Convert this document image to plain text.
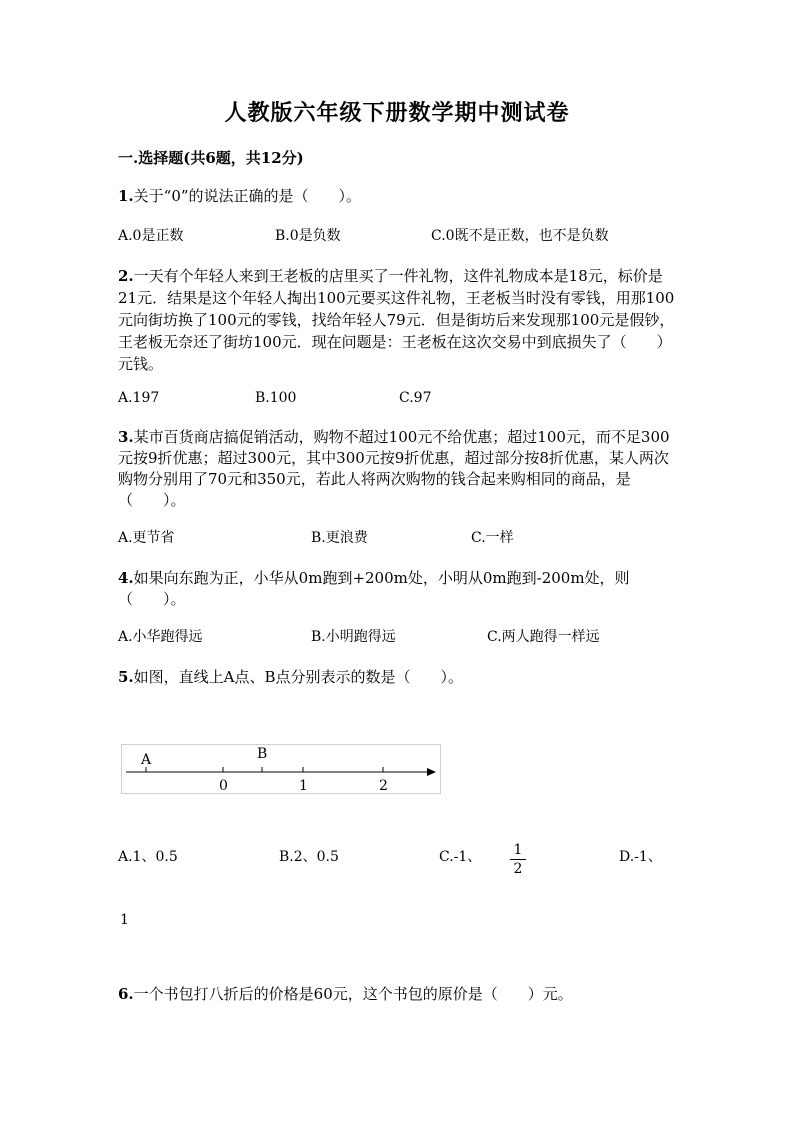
人教版六年级下册数学期中测试卷
一.选择题(共6题，共12分)
1.关于“0”的说法正确的是（　　）。
A.0是正数	B.0是负数	C.0既不是正数，也不是负数
2.一天有个年轻人来到王老板的店里买了一件礼物，这件礼物成本是18元，标价是21元．结果是这个年轻人掏出100元要买这件礼物，王老板当时没有零钱，用那100元向街坊换了100元的零钱，找给年轻人79元．但是街坊后来发现那100元是假钞，王老板无奈还了街坊100元．现在问题是：王老板在这次交易中到底损失了（　　）元钱。
A.197	B.100	C.97
3.某市百货商店搞促销活动，购物不超过100元不给优惠；超过100元，而不足300元按9折优惠；超过300元，其中300元按9折优惠，超过部分按8折优惠，某人两次购物分别用了70元和350元，若此人将两次购物的钱合起来购相同的商品，是（　　）。
A.更节省	B.更浪费	C.一样
4.如果向东跑为正，小华从0m跑到+200m处，小明从0m跑到-200m处，则（　　）。
A.小华跑得远	B.小明跑得远	C.两人跑得一样远
5.如图，直线上A点、B点分别表示的数是（　　）。
A	B
0	1	2
A.1、0.5	B.2、0.5	C.-1、 1
2
D.-1、
1
6.一个书包打八折后的价格是60元，这个书包的原价是（　　）元。
